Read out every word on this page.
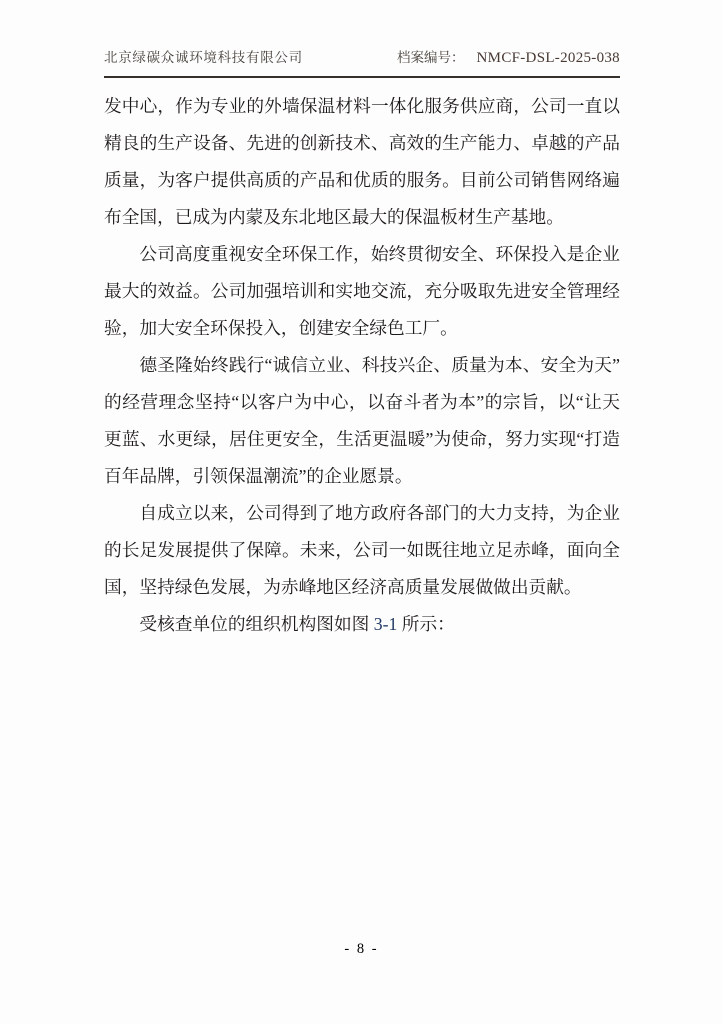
北京绿碳众诚环境科技有限公司	档案编号： NMCF-DSL-2025-038

发中心，作为专业的外墙保温材料一体化服务供应商，公司一直以精良的生产设备、先进的创新技术、高效的生产能力、卓越的产品质量，为客户提供高质的产品和优质的服务。目前公司销售网络遍布全国，已成为内蒙及东北地区最大的保温板材生产基地。

公司高度重视安全环保工作，始终贯彻安全、环保投入是企业最大的效益。公司加强培训和实地交流，充分吸取先进安全管理经验，加大安全环保投入，创建安全绿色工厂。

德圣隆始终践行“诚信立业、科技兴企、质量为本、安全为天”的经营理念坚持“以客户为中心，以奋斗者为本”的宗旨，以“让天更蓝、水更绿，居住更安全，生活更温暖”为使命，努力实现“打造百年品牌，引领保温潮流”的企业愿景。

自成立以来，公司得到了地方政府各部门的大力支持，为企业的长足发展提供了保障。未来，公司一如既往地立足赤峰，面向全国，坚持绿色发展，为赤峰地区经济高质量发展做做出贡献。

受核查单位的组织机构图如图 3-1 所示：

- 8 -
